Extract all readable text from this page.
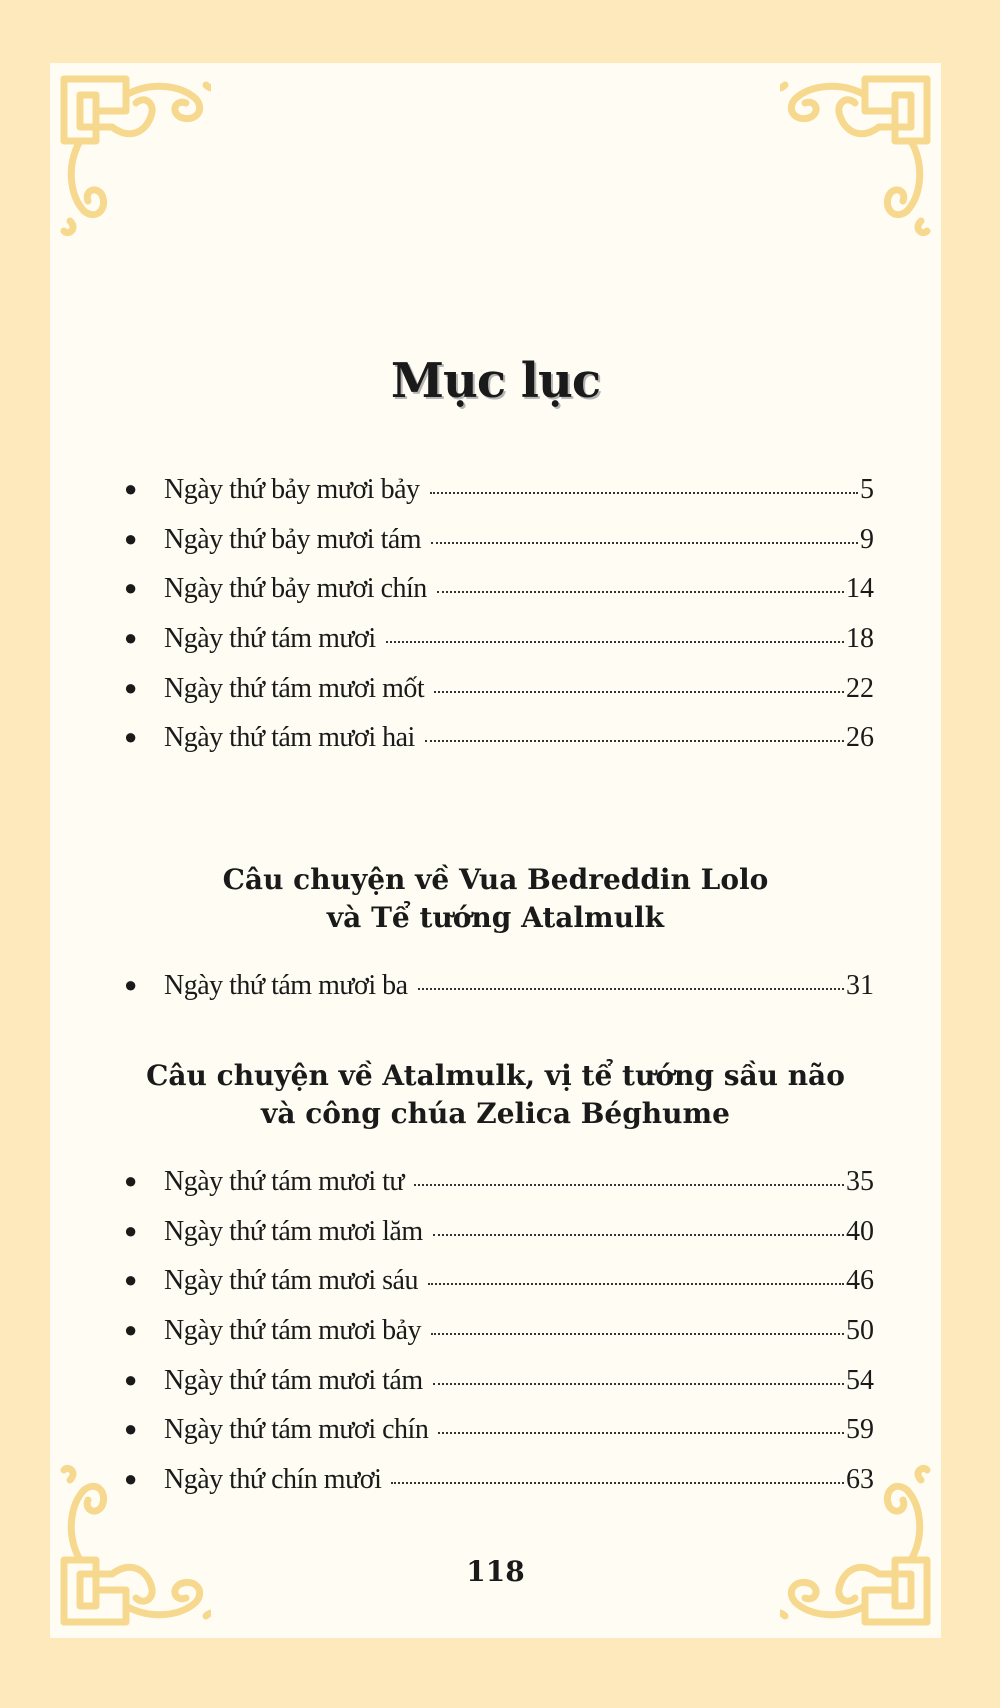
Mục lục
● Ngày thứ bảy mươi bảy	5
● Ngày thứ bảy mươi tám	9
● Ngày thứ bảy mươi chín	14
● Ngày thứ tám mươi	18
● Ngày thứ tám mươi mốt	22
● Ngày thứ tám mươi hai	26
Câu chuyện về Vua Bedreddin Lolo
và Tể tướng Atalmulk
● Ngày thứ tám mươi ba	31
Câu chuyện về Atalmulk, vị tể tướng sầu não
và công chúa Zelica Béghume
● Ngày thứ tám mươi tư	35
● Ngày thứ tám mươi lăm	40
● Ngày thứ tám mươi sáu	46
● Ngày thứ tám mươi bảy	50
● Ngày thứ tám mươi tám	54
● Ngày thứ tám mươi chín	59
● Ngày thứ chín mươi	63
118
